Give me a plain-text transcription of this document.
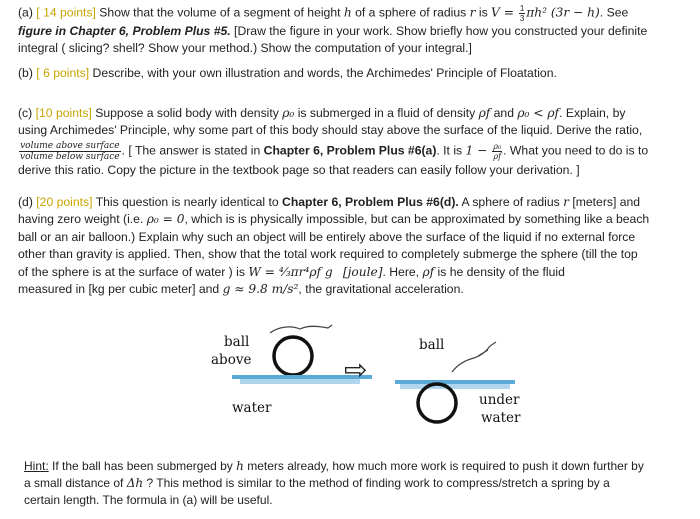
(a) [ 14 points] Show that the volume of a segment of height h of a sphere of radius r is $V = \frac{1}{3} \pi h^2$ (3r − h). See
figure in Chapter 6, Problem Plus #5. [Draw the figure in your work. Show briefly how you constructed your definite
integral ( slicing? shell? Show your method.) Show the computation of your integral.]
(b) [ 6 points] Describe, with your own illustration and words, the Archimedes' Principle of Floatation.
(c) [10 points] Suppose a solid body with density ρ₀ is submerged in a fluid of density ρf and ρ₀ < ρf. Explain, by
using Archimedes' Principle, why some part of this body should stay above the surface of the liquid. Derive the ratio,
$\frac{\text{volume above surface}}{\text{volume below surface}}$ . [ The answer is stated in Chapter 6, Problem Plus #6(a). It is $1 - \frac{\text{ρ₀}}{\rho f}$ . What you need to do is to
derive this ratio. Copy the picture in the textbook page so that readers can easily follow your derivation. ]
(d) [20 points] This question is nearly identical to Chapter 6, Problem Plus #6(d). A sphere of radius r [meters] and
having zero weight (i.e. ρ₀ = 0, which is is physically impossible, but can be approximated by something like a beach
ball or an air balloon.) Explain why such an object will be entirely above the surface of the liquid if no external force
other than gravity is applied. Then, show that the total work required to completely submerge the sphere (till the top
of the sphere is at the surface of water ) is W = ⁴⁄₃πr⁴ρf g [joule]. Here, ρf is he density of the fluid
measured in [kg per cubic meter] and g ≈ 9.8 m/s², the gravitational acceleration.
ball
above
water
⇨
ball
under
water
Hint: If the ball has been submerged by h meters already, how much more work is required to push it down further by
a small distance of Δh ? This method is similar to the method of finding work to compress/stretch a spring by a
certain length. The formula in (a) will be useful.
